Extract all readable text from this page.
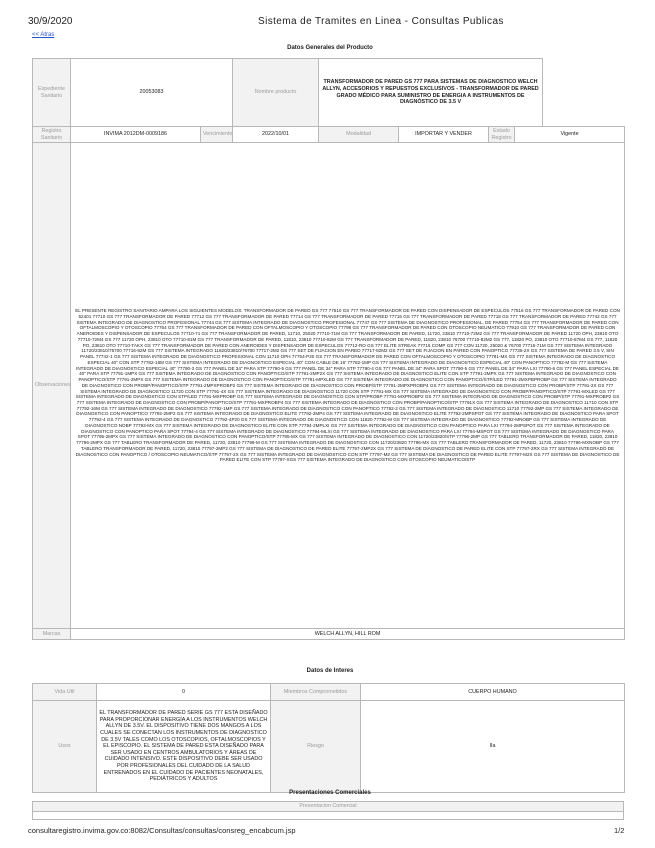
30/9/2020	Sistema de Tramites en Linea - Consultas Publicas
<< Atras
Datos Generales del Producto
Expediente Sanitario	20053083		Nombre producto	TRANSFORMADOR DE PARED GS 777 PARA SISTEMAS DE DIAGNOSTICO WELCH ALLYN, ACCESORIOS Y REPUESTOS EXCLUSIVOS - TRANSFORMADOR DE PARED GRADO MÉDICO PARA SUMINISTRO DE ENERGIA A INSTRUMENTOS DE DIAGNÓSTICO DE 3.5 V			
Registro Sanitario	INVIMA 2012DM-0009186	Vencimiento	2022/10/01	Modalidad	IMPORTAR Y VENDER	Estado Registro	Vigente
Observaciones	EL PRESENTE REGISTRO SANITARIO AMPARA LOS SIGUIENTES MODELOS: TRANSFORMADOR DE PARED GS 777 77510 GS 777 TRANSFORMADOR DE PARED CON DISPENSADOR DE ESPECULOS 77516 GS 777 TRANSFORMADOR DE PARED CON 52401 77710 GS 777 TRANSFORMADOR DE PARED 77712 GS 777 TRANSFORMADOR DE PARED 77714 GS 777 TRANSFORMADOR DE PARED 77716 GS 777 TRANSFORMADOR DE PARED 77718 GS 777 TRANSFORMADOR DE PARED 77742 GS 777 SISTEMA INTEGRADO DE DIAGNOSTICO PROFESIONAL 77744 GS 777 SISTEMA INTEGRADO DE DIAGNOSTICO PROFESIONAL 77747 GS 777 SISTEMA DE DIAGNOSTICO PROFESIONAL, DE PARED 77754 GS 777 TRANSFORMADOR DE PARED CON OFTALMOSCOPIO Y OTOSCOPIO 77764 GS 777 TRANSFORMADOR DE PARED CON OFTALMOSCOPIO Y OTOSCOPIO 77798 GS 777 TRANSFORMADOR DE PARED CON OTOSCOPIO NEUMATICO 77910 GS 777 TRANSFORMADOR DE PARED CON ANEROIDES Y DISPENSADOR DE ESPECULOS 77710-71 GS 777 TRANSFORMADOR DE PARED, 11710, 25020 77710-71M GS 777 TRANSFORMADOR DE PARED, 11720, 23810 77710-72M2 GS 777 TRANSFORMADOR DE PARED 11720 OPH, 23810 OTO 77710-72M4 GS 777 11720 OPH, 23810 OTO 77710-81M GS 777 TRANSFORMADOR DE PARED, 11810, 23810 77710-82M GS 777 TRANSFORMADOR DE PARED, 11820, 23810 76700 77710-82M2 GS 777, 11820 PO, 23810 OTO 77710-87M4 GS 777, 11820 PO, 23810 OTO 77710-TAKX GS 777 TRANSFORMADOR DE PARED CON ANEROIDES Y DISPENSADOR DE ESPECULOS 77712-RO GS 777 ELITE STREAK 77716 COMP GS 777 CON 11720, 25020 & 76700 77716-71M GS 777 SISTEMA INTEGRADO 11720/23810/76700 77716-82M GS 777 SISTEMA INTEGRADO 11820/23810/76700 77717-2M2 GS 777 SET DE FIJACION EN PARED 77717-82M2 GS 777 SET DE FIJACION EN PARED CON PANOPTICO 77735-2X GS 777 SISTEMA DE PARED 3.5 V, SIN PANEL 77742-1 GS 777 SISTEMA INTEGRADO DE DIAGNOSTICO PROFESIONAL CON 11710 OPH 77754-P20 GS 777 TRANSFORMADOR DE PARED CON OFTALMOSCOPIO Y OTOSCOPIO 77781-MX GS 777 SISTEMA INTEGRADO DE DIAGNOSTICO ESPECIAL 40" CON STP 77782-16M GS 777 SISTEMA INTEGRADO DE DIAGNOSTICO ESPECIAL 40" CON CABLE DE 16' 77782-1MP GS 777 SISTEMA INTEGRADO DE DIAGNOSTICO ESPECIAL 40" CON PANOPTICO 77782-M GS 777 SISTEMA INTEGRADO DE DIAGNOSTICO ESPECIAL 40" 77790-3 GS 777 PANEL DE 34" PARA STP 77790-5 GS 777 PANEL DE 34" PARA STP 77790-4 GS 777 PANEL DE 34" PARA SPOT 77790-5 GS 777 PANEL DE 34" PARA LXI 77790-6 GS 777 PANEL ESPECIAL DE 40" PARA STP 77791-1MPX GS 777 SISTEMA INTEGRADO DE DIAGNOSTICO CON PANOPTICO/STP 77791-2MP2X GS 777 SISTEMA INTEGRADO DE DIAGNOSTICO ELITE CON STP 77791-2MPX GS 777 SISTEMA INTEGRADO DE DIAGNOSTICO CON PANOPTICO/STP 77791-2MPX GS 777 SISTEMA INTEGRADO DE DIAGNOSTICO CON PANOPTICO/STP 77791-MPXLED GS 777 SISTEMA INTEGRADO DE DIAGNOSTICO CON PANOPTICO/STP/LED 77791-2MXPBPROBP GS 777 SISTEMA INTEGRADO DE DIAGNOSTICO CON PROBP/PANOPTICO/STP 77791-2MPXPROBP2 GS 777 SISTEMA INTEGRADO DE DIAGNOSTICO CON PROBP/STP 77791-2MPXPROBP4 GS 777 SISTEMA INTEGRADO DE DIAGNOSTICO CON PROBP/STP 77791-2X GS 777 SISTEMA INTEGRADO DE DIAGNOSTICO 11720 CON STP 77791-4X GS 777 SISTEMA INTEGRADO DE DIAGNOSTICO 11720 CON STP 77791-MX GS 777 SISTEMA INTEGRADO DE DIAGNOSTICO CON PROBP/PANOPTICO/STP 77791-MXLED GS 777 SISTEMA INTEGRADO DE DIAGNOSTICO CON STP/LED 77791-MXPROBP GS 777 SISTEMA INTEGRADO DE DIAGNOSTICO CON STP/PROBP 77791-MXPROBP2 GS 777 SISTEMA INTEGRADO DE DIAGNOSTICO CON PROBP/STP 77791-MXPROBP2 GS 777 SISTEMA INTEGRADO DE DIAGNOSTICO CON PROBP/PANOPTICO/STP 77791-MXPROBP4 GS 777 SISTEMA INTEGRADO DE DIAGNOSTICO CON PROBP/PANOPTICO/STP 77791X GS 777 SISTEMA INTEGRADO DE DIAGNOSTICO 11710 CON STP 77792-16M GS 777 SISTEMA INTEGRADO DE DIAGNOSTICO 77792-1MP GS 777 SISTEMA INTEGRADO DE DIAGNOSTICO CON PANOPTICO 77792-2 GS 777 SISTEMA INTEGRADO DE DIAGNOSTICO 11710 77792-2MP GS 777 SISTEMA INTEGRADO DE DIAGNOSTICO CON PANOPTICO 77792-2MP2 GS 777 SISTEMA INTEGRADO DE DIAGNOSTICO ELITE 77792-2MP4 GS 777 SISTEMA INTEGRADO DE DIAGNOSTICO ELITE 77792-2MPSPOT GS 777 SISTEMA INTEGRADO DE DIAGNOSTICO PARA SPOT 77792-4 GS 777 SISTEMA INTEGRADO DE DIAGNOSTICO 77792-4P20 GS 777 SISTEMA INTEGRADO DE DIAGNOSTICO CON 11820 77792-M GS 777 SISTEMA INTEGRADO DE DIAGNOSTICO 77792-MNOBP GS 777 SISTEMA INTEGRADO DE DIAGNOSTICO NOBP 77793-MX GS 777 SISTEMA INTEGRADO DE DIAGNOSTICO ELITE CON STP 77794-2MPLXI GS 777 SISTEMA INTEGRADO DE DIAGNOSTICO CON PANOPTICO PARA LXI 77794-2MPSPOT GS 777 SISTEMA INTEGRADO DE DIAGNOSTICO CON PANOPTICO PARA SPOT 77794-4 GS 777 SISTEMA INTEGRADO DE DIAGNOSTICO 77794-MLXI GS 777 SISTEMA INTEGRADO DE DIAGNOSTICO PARA LXI 77794-MSPOT GS 777 SISTEMA INTEGRADO DE DIAGNOSTICO PARA SPOT 77795-2MPX GS 777 SISTEMA INTEGRADO DE DIAGNOSTICO CON PANOPTICO/STP 77795-MX GS 777 SISTEMA INTEGRADO DE DIAGNOSTICO CON 11720/23820/STP 77796-2MP GS 777 TABLERO TRANSFORMADOR DE PARED, 11820, 23810 77796-2MPX GS 777 TABLERO TRANSFORMADOR DE PARED, 11720, 23810 77796-M GS 777 SISTEMA INTEGRADO DE DIAGNOSTICO CON 11720/23820 77796-MX GS 777 TABLERO TRANSFORMADOR DE PARED, 11720, 23810 77796-MXNOBP GS 777 TABLERO TRANSFORMADOR DE PARED, 11720, 23810 77797-2MP2 GS 777 SISTEMA DE DIAGNOSTICO DE PARED ELITE 77797-2MP2X GS 777 SISTEMA DE DIAGNOSTICO DE PARED ELITE CON STP 77797-2RX GS 777 SISTEMA INTEGRADO DE DIAGNOSTICO CON PANOPTICO / OTOSCOPIO NEUMATICO/STP 77797-2X GS 777 SISTEMA INTEGRADO DE DIAGNOSTICO CON STP 77797-M2 GS 777 SISTEMA DE DIAGNOSTICO DE PARED ELITE 77797-M2X GS 777 SISTEMA DE DIAGNOSTICO DE PARED ELITE CON STP 77797-XGS 777 SISTEMA INTEGRADO DE DIAGNOSTICO CON OTOSCOPIO NEUMATICO/STP						
Marcas	WELCH ALLYN, HILL ROM						
Datos de Interes
Vida Util	0	Miembros Comprometidos	CUERPO HUMANO
Usos	EL TRANSFORMADOR DE PARED SERIE GS 777 ESTA DISEÑADO PARA PROPORCIONAR ENERGÍA A LOS INSTRUMENTOS WELCH ALLYN DE 3.5V. EL DISPOSITIVO TIENE DOS MANGOS A LOS CUALES SE CONECTAN LOS INSTRUMENTOS DE DIAGNOSTICO DE 3.5V TALES COMO LOS OTOSCOPIOS, OFTALMOSCOPIOS Y EL EPISCOPIO. EL SISTEMA DE PARED ESTA DISEÑADO PARA SER USADO EN CENTROS AMBULATORIOS Y ÁREAS DE CUIDADO INTENSIVO. ESTE DISPOSITIVO DEBE SER USADO POR PROFESIONALES DEL CUIDADO DE LA SALUD ENTRENADOS EN EL CUIDADO DE PACIENTES NEONATALES, PEDIÁTRICOS Y ADULTOS	Riesgo	IIa
Presentaciones Comerciales
Presentacion Comercial

consultaregistro.invima.gov.co:8082/Consultas/consultas/consreg_encabcum.jsp	1/2
